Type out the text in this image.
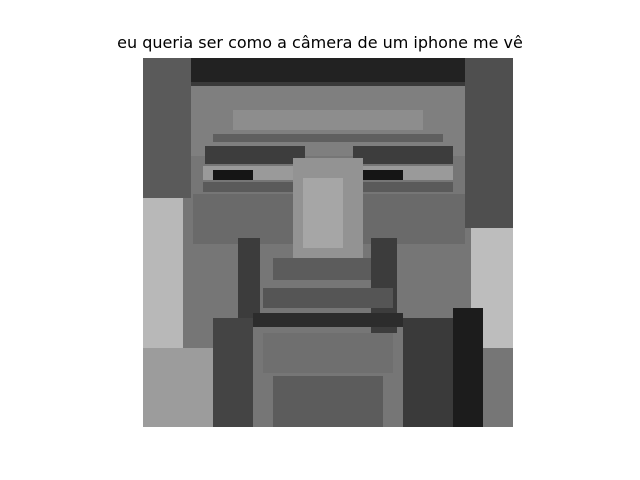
eu queria ser como a câmera de um iphone me vê
